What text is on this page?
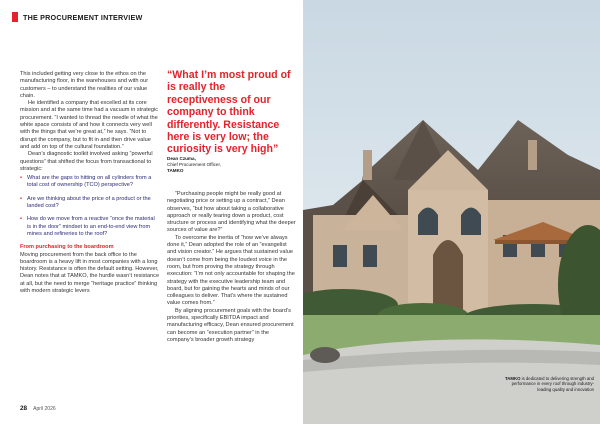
THE PROCUREMENT INTERVIEW

This included getting very close to the ethos on the manufacturing floor, in the warehouses and with our customers – to understand the realities of our value chain.

He identified a company that excelled at its core mission and at the same time had a vacuum in strategic procurement. “I wanted to thread the needle of what the white space consists of and how it connects very well with the things that we’re great at,” he says. “Not to disrupt the company, but to fit in and then drive value and add on top of the cultural foundation.”

Dean’s diagnostic toolkit involved asking “powerful questions” that shifted the focus from transactional to strategic:

• What are the gaps to hitting on all cylinders from a total cost of ownership (TCO) perspective?
• Are we thinking about the price of a product or the landed cost?
• How do we move from a reactive “once the material is in the door” mindset to an end-to-end view from mines and refineries to the roof?

From purchasing to the boardroom

Moving procurement from the back office to the boardroom is a heavy lift in most companies with a long history. Resistance is often the default setting. However, Dean notes that at TAMKO, the hurdle wasn’t resistance at all, but the need to merge “heritage practice” thinking with modern strategic levers

“What I’m most proud of is really the receptiveness of our company to think differently. Resistance here is very low; the curiosity is very high”
Dean Czuma,
Chief Procurement Officer,
TAMKO

“Purchasing people might be really good at negotiating price or setting up a contract,” Dean observes, “but how about taking a collaborative approach or really tearing down a product, cost structure or process and identifying what the deeper sources of value are?”

To overcome the inertia of “how we’ve always done it,” Dean adopted the role of an “evangelist and vision creator.” He argues that sustained value doesn’t come from being the loudest voice in the room, but from proving the strategy through execution: “I’m not only accountable for shaping the strategy with the executive leadership team and board, but for gaining the hearts and minds of our colleagues to deliver. That’s where the sustained value comes from.”

By aligning procurement goals with the board’s priorities, specifically EBITDA impact and manufacturing efficacy, Dean ensured procurement can become an “execution partner” in the company’s broader growth strategy

28 April 2026
TAMKO is dedicated to delivering strength and performance in every roof through industry-leading quality and innovation
